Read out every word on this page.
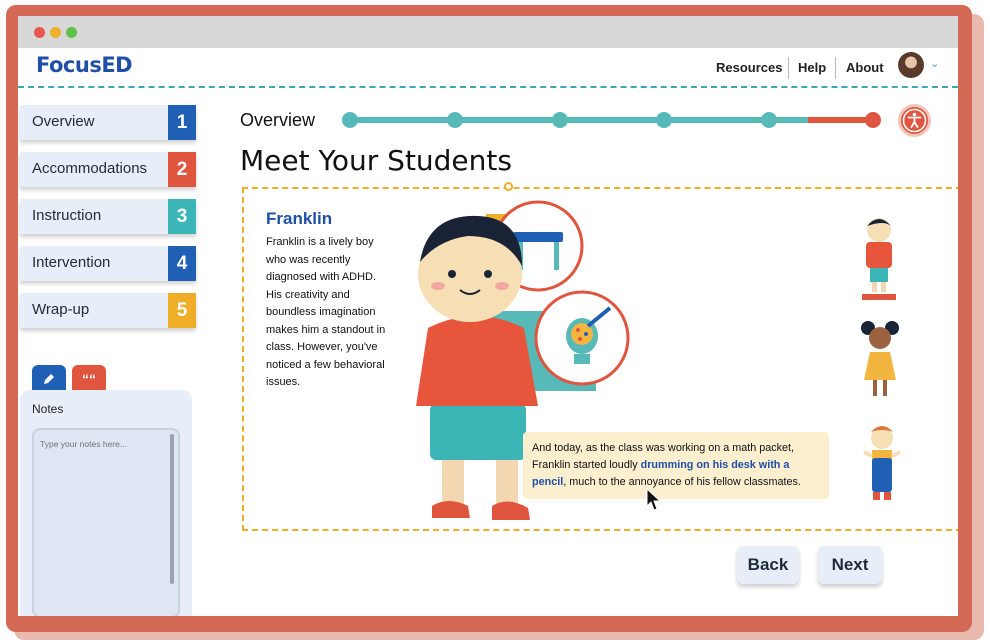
FocusED	Resources Help About	⌄
Overview	1
Accommodations	2
Instruction	3
Intervention	4
Wrap-up	5
““
Notes
Type your notes here...
Overview
Meet Your Students
Franklin
Franklin is a lively boy who was recently diagnosed with ADHD. His creativity and boundless imagination makes him a standout in class. However, you've noticed a few behavioral issues.
And today, as the class was working on a math packet, Franklin started loudly drumming on his desk with a pencil, much to the annoyance of his fellow classmates.
Back	Next
